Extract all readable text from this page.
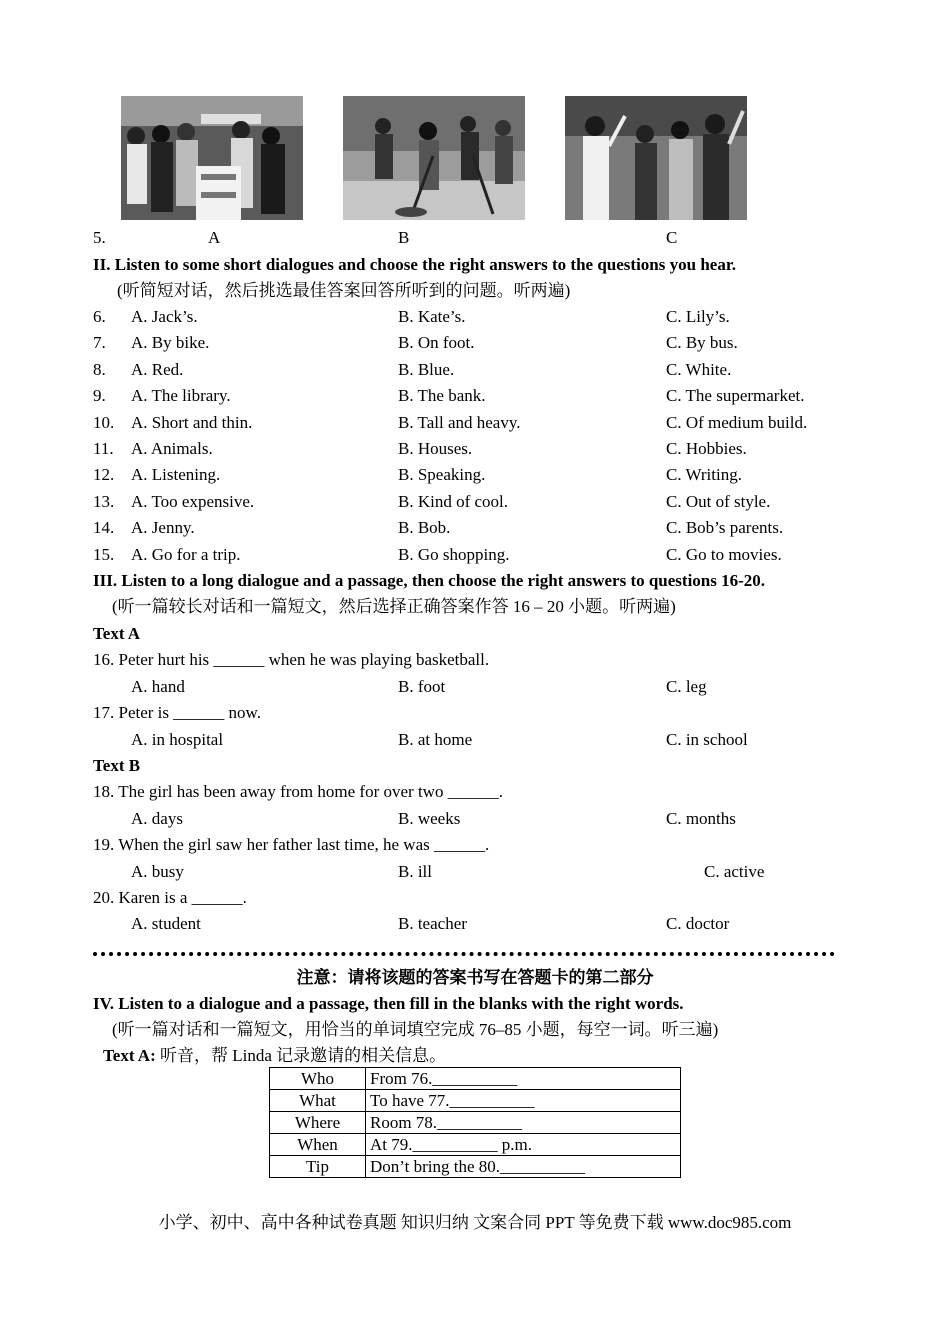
5.	A	B	C
II. Listen to some short dialogues and choose the right answers to the questions you hear.
(听简短对话，然后挑选最佳答案回答所听到的问题。听两遍)
6. A. Jack’s.	B. Kate’s.	C. Lily’s.
7. A. By bike.	B. On foot.	C. By bus.
8. A. Red.	B. Blue.	C. White.
9. A. The library.	B. The bank.	C. The supermarket.
10. A. Short and thin.	B. Tall and heavy.	C. Of medium build.
11. A. Animals.	B. Houses.	C. Hobbies.
12. A. Listening.	B. Speaking.	C. Writing.
13. A. Too expensive.	B. Kind of cool.	C. Out of style.
14. A. Jenny.	B. Bob.	C. Bob’s parents.
15. A. Go for a trip.	B. Go shopping.	C. Go to movies.
III. Listen to a long dialogue and a passage, then choose the right answers to questions 16-20.
(听一篇较长对话和一篇短文，然后选择正确答案作答 16 – 20 小题。听两遍)
Text A
16. Peter hurt his ______ when he was playing basketball.
A. hand	B. foot	C. leg
17. Peter is ______ now.
A. in hospital	B. at home	C. in school
Text B
18. The girl has been away from home for over two ______.
A. days	B. weeks	C. months
19. When the girl saw her father last time, he was ______.
A. busy	B. ill	C. active
20. Karen is a ______.
A. student	B. teacher	C. doctor
注意：请将该题的答案书写在答题卡的第二部分
IV. Listen to a dialogue and a passage, then fill in the blanks with the right words.
(听一篇对话和一篇短文，用恰当的单词填空完成 76–85 小题，每空一词。听三遍)
Text A: 听音，帮 Linda 记录邀请的相关信息。
Who	From 76.__________
What	To have 77.__________
Where	Room 78.__________
When	At 79.__________ p.m.
Tip	Don’t bring the 80.__________
小学、初中、高中各种试卷真题 知识归纳 文案合同 PPT 等免费下载 www.doc985.com
